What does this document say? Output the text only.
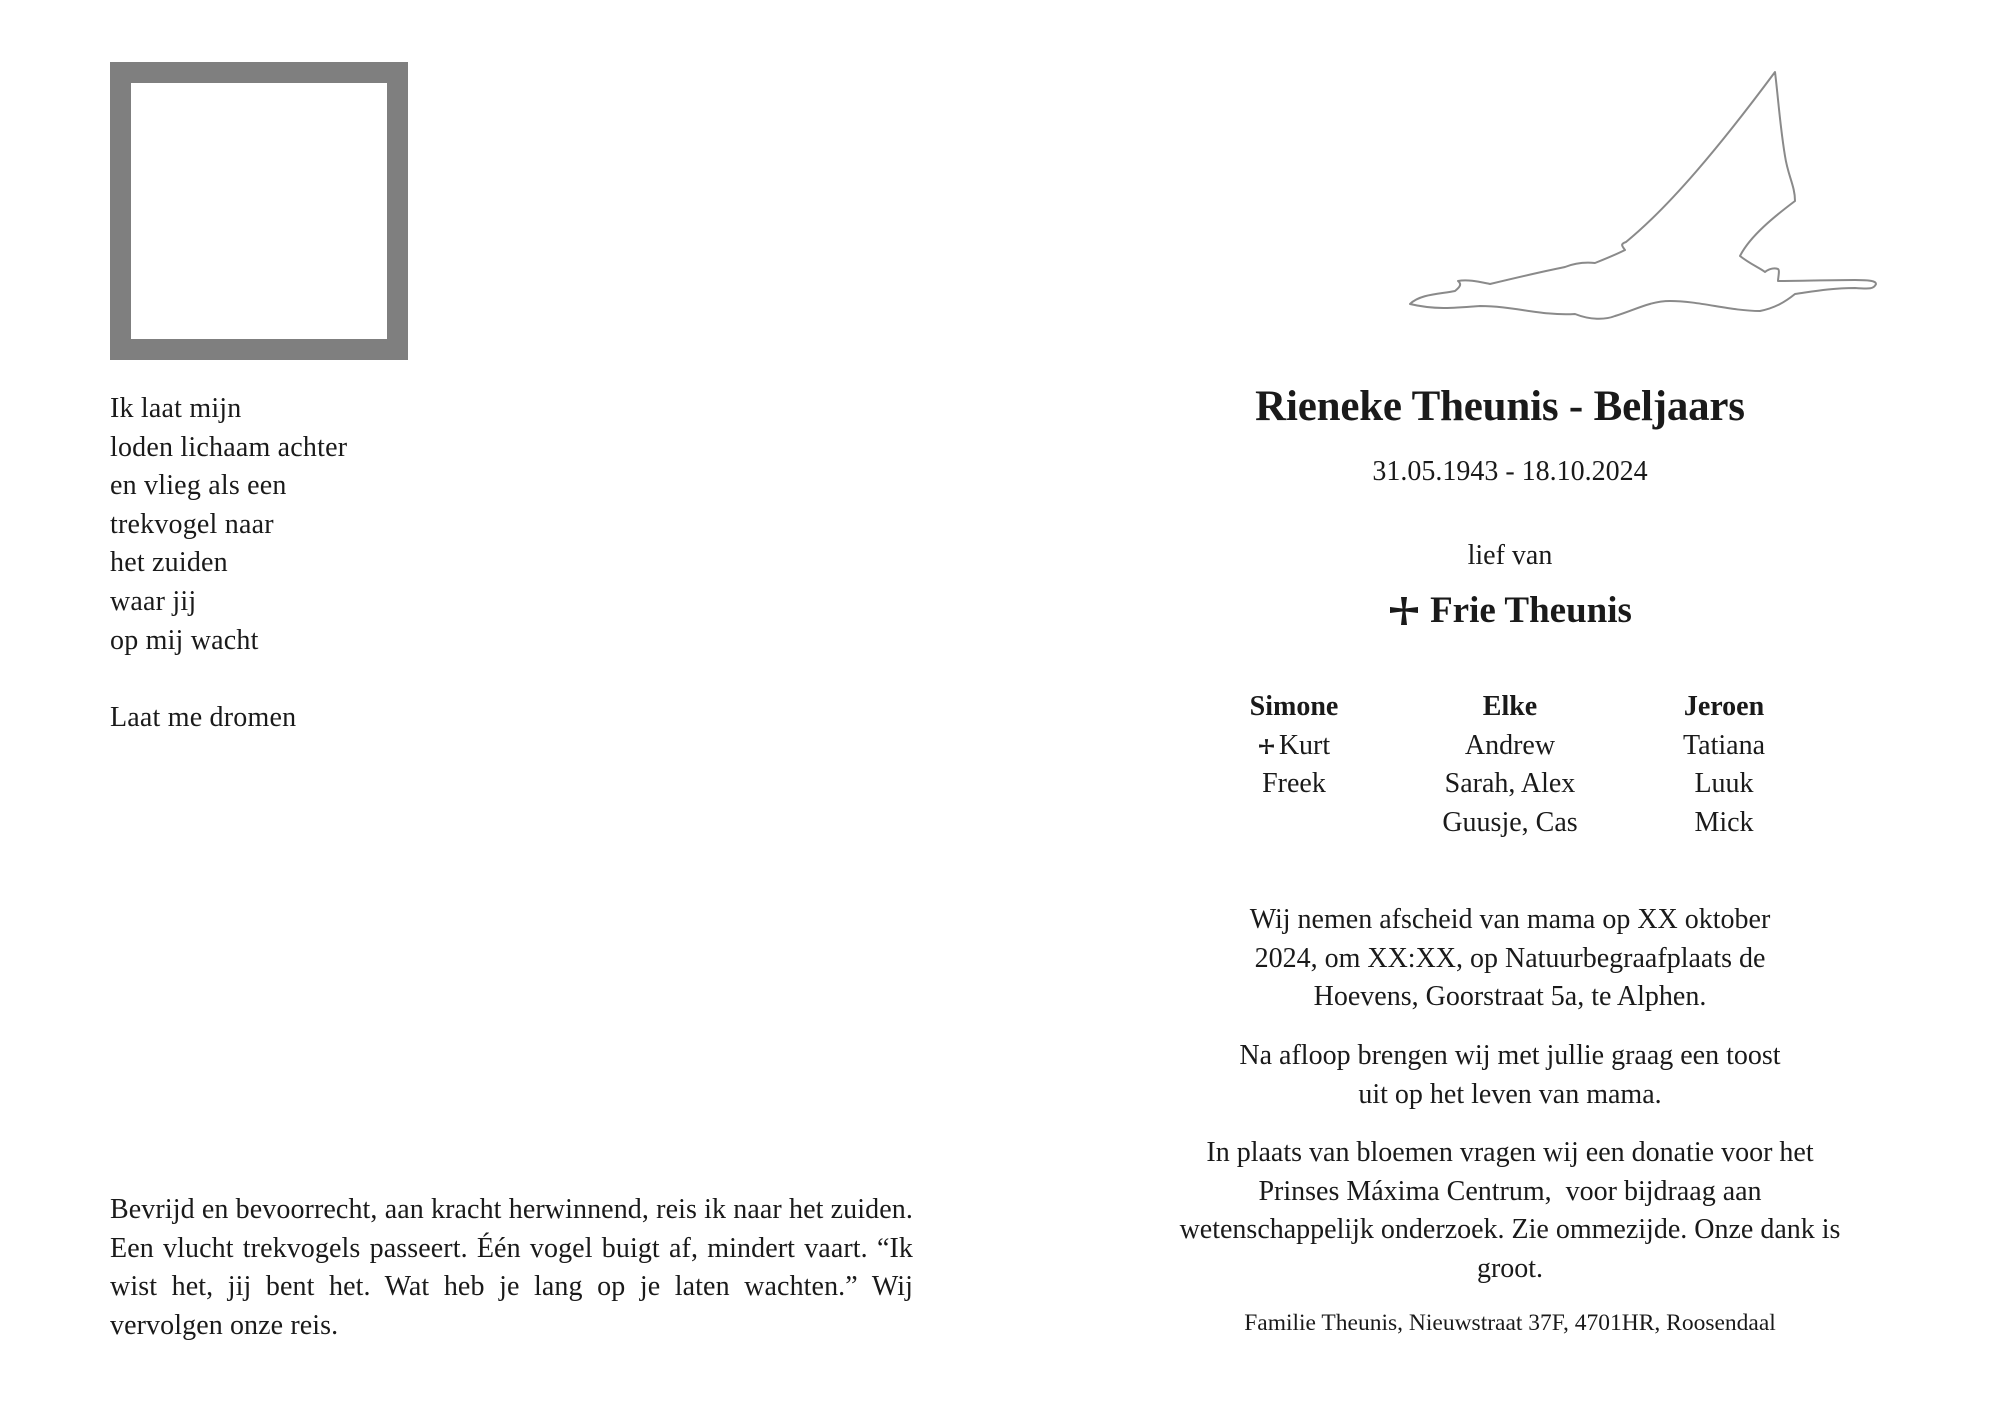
Ik laat mijn
loden lichaam achter
en vlieg als een
trekvogel naar
het zuiden
waar jij
op mij wacht
Laat me dromen
Bevrijd en bevoorrecht, aan kracht herwinnend, reis ik naar het zuiden. Een vlucht trekvogels passeert. Één vogel buigt af, mindert vaart. “Ik wist het, jij bent het. Wat heb je lang op je laten wachten.” Wij vervolgen onze reis.
Rieneke Theunis - Beljaars
31.05.1943 - 18.10.2024
lief van
Frie Theunis
Simone
Kurt
Freek
Elke
Andrew
Sarah, Alex
Guusje, Cas
Jeroen
Tatiana
Luuk
Mick
Wij nemen afscheid van mama op XX oktober
2024, om XX:XX, op Natuurbegraafplaats de
Hoevens, Goorstraat 5a, te Alphen.
Na afloop brengen wij met jullie graag een toost
uit op het leven van mama.
In plaats van bloemen vragen wij een donatie voor het
Prinses Máxima Centrum,  voor bijdraag aan
wetenschappelijk onderzoek. Zie ommezijde. Onze dank is
groot.
Familie Theunis, Nieuwstraat 37F, 4701HR, Roosendaal
